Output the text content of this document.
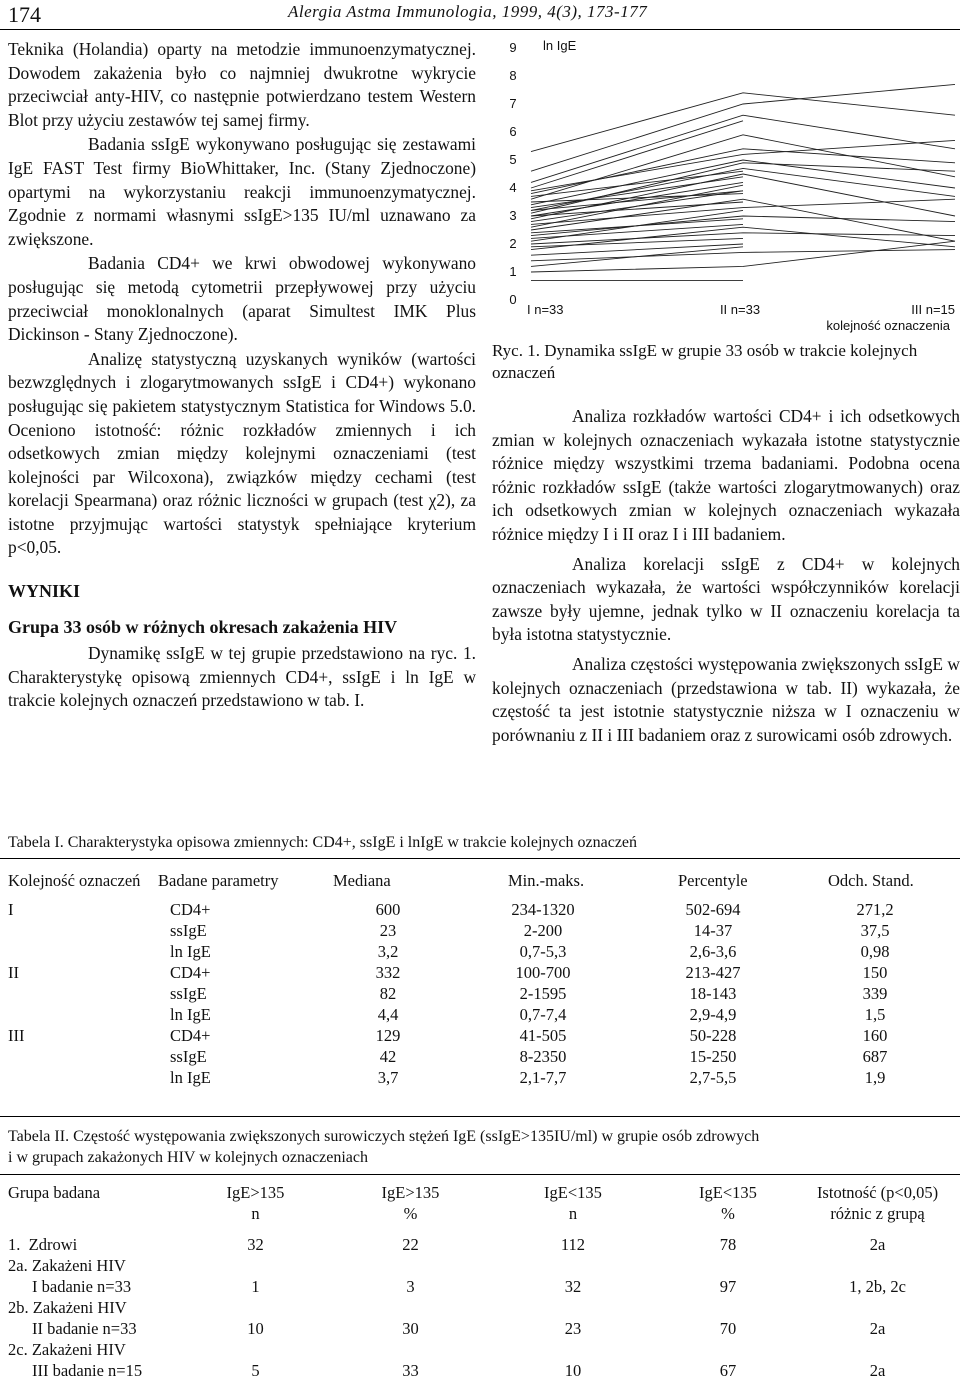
174	Alergia Astma Immunologia, 1999, 4(3), 173-177

Teknika (Holandia) oparty na metodzie immunoenzymatycznej. Dowodem zakażenia było co najmniej dwukrotne wykrycie przeciwciał anty-HIV, co następnie potwierdzano testem Western Blot przy użyciu zestawów tej samej firmy.

Badania ssIgE wykonywano posługując się zestawami IgE FAST Test firmy BioWhittaker, Inc. (Stany Zjednoczone) opartymi na wykorzystaniu reakcji immunoenzymatycznej. Zgodnie z normami własnymi ssIgE>135 IU/ml uznawano za zwiększone.

Badania CD4+ we krwi obwodowej wykonywano posługując się metodą cytometrii przepływowej przy użyciu przeciwciał monoklonalnych (aparat Simultest IMK Plus Dickinson - Stany Zjednoczone).

Analizę statystyczną uzyskanych wyników (wartości bezwzględnych i zlogarytmowanych ssIgE i CD4+) wykonano posługując się pakietem statystycznym Statistica for Windows 5.0. Oceniono istotność: różnic rozkładów zmiennych i ich odsetkowych zmian między kolejnymi oznaczeniami (test kolejności par Wilcoxona), związków między cechami (test korelacji Spearmana) oraz różnic liczności w grupach (test χ2), za istotne przyjmując wartości statystyk spełniające kryterium p<0,05.

WYNIKI

Grupa 33 osób w różnych okresach zakażenia HIV

Dynamikę ssIgE w tej grupie przedstawiono na ryc. 1. Charakterystykę opisową zmiennych CD4+, ssIgE i ln IgE w trakcie kolejnych oznaczeń przedstawiono w tab. I.

0
1
2
3
4
5
6
7
8
9 ln IgE
I n=33	II n=33	III n=15
kolejność oznaczenia
Ryc. 1. Dynamika ssIgE w grupie 33 osób w trakcie kolejnych oznaczeń

Analiza rozkładów wartości CD4+ i ich odsetkowych zmian w kolejnych oznaczeniach wykazała istotne statystycznie różnice między wszystkimi trzema badaniami. Podobna ocena różnic rozkładów ssIgE (także wartości zlogarytmowanych) oraz ich odsetkowych zmian w kolejnych oznaczeniach wykazała różnice między I i II oraz I i III badaniem.

Analiza korelacji ssIgE z CD4+ w kolejnych oznaczeniach wykazała, że wartości współczynników korelacji zawsze były ujemne, jednak tylko w II oznaczeniu korelacja ta była istotna statystycznie.

Analiza częstości występowania zwiększonych ssIgE w kolejnych oznaczeniach (przedstawiona w tab. II) wykazała, że częstość ta jest istotnie statystycznie niższa w I oznaczeniu w porównaniu z II i III badaniem oraz z surowicami osób zdrowych.

Tabela I. Charakterystyka opisowa zmiennych: CD4+, ssIgE i lnIgE w trakcie kolejnych oznaczeń
Kolejność oznaczeń	Badane parametry	Mediana	Min.-maks.	Percentyle	Odch. Stand.
I	CD4+	600	234-1320	502-694	271,2
	ssIgE	23	2-200	14-37	37,5
	ln IgE	3,2	0,7-5,3	2,6-3,6	0,98
II	CD4+	332	100-700	213-427	150
	ssIgE	82	2-1595	18-143	339
	ln IgE	4,4	0,7-7,4	2,9-4,9	1,5
III	CD4+	129	41-505	50-228	160
	ssIgE	42	8-2350	15-250	687
	ln IgE	3,7	2,1-7,7	2,7-5,5	1,9
Tabela II. Częstość występowania zwiększonych surowiczych stężeń IgE (ssIgE>135IU/ml) w grupie osób zdrowych
i w grupach zakażonych HIV w kolejnych oznaczeniach
Grupa badana	IgE>135	IgE>135	IgE<135	IgE<135	Istotność (p<0,05)
	n	%	n	%	różnic z grupą

1.  Zdrowi	32	22	112	78	2a

2a. Zakażeni HIV
I badanie n=33	1	3	32	97	1, 2b, 2c

2b. Zakażeni HIV
II badanie n=33	10	30	23	70	2a

2c. Zakażeni HIV
III badanie n=15	5	33	10	67	2a
